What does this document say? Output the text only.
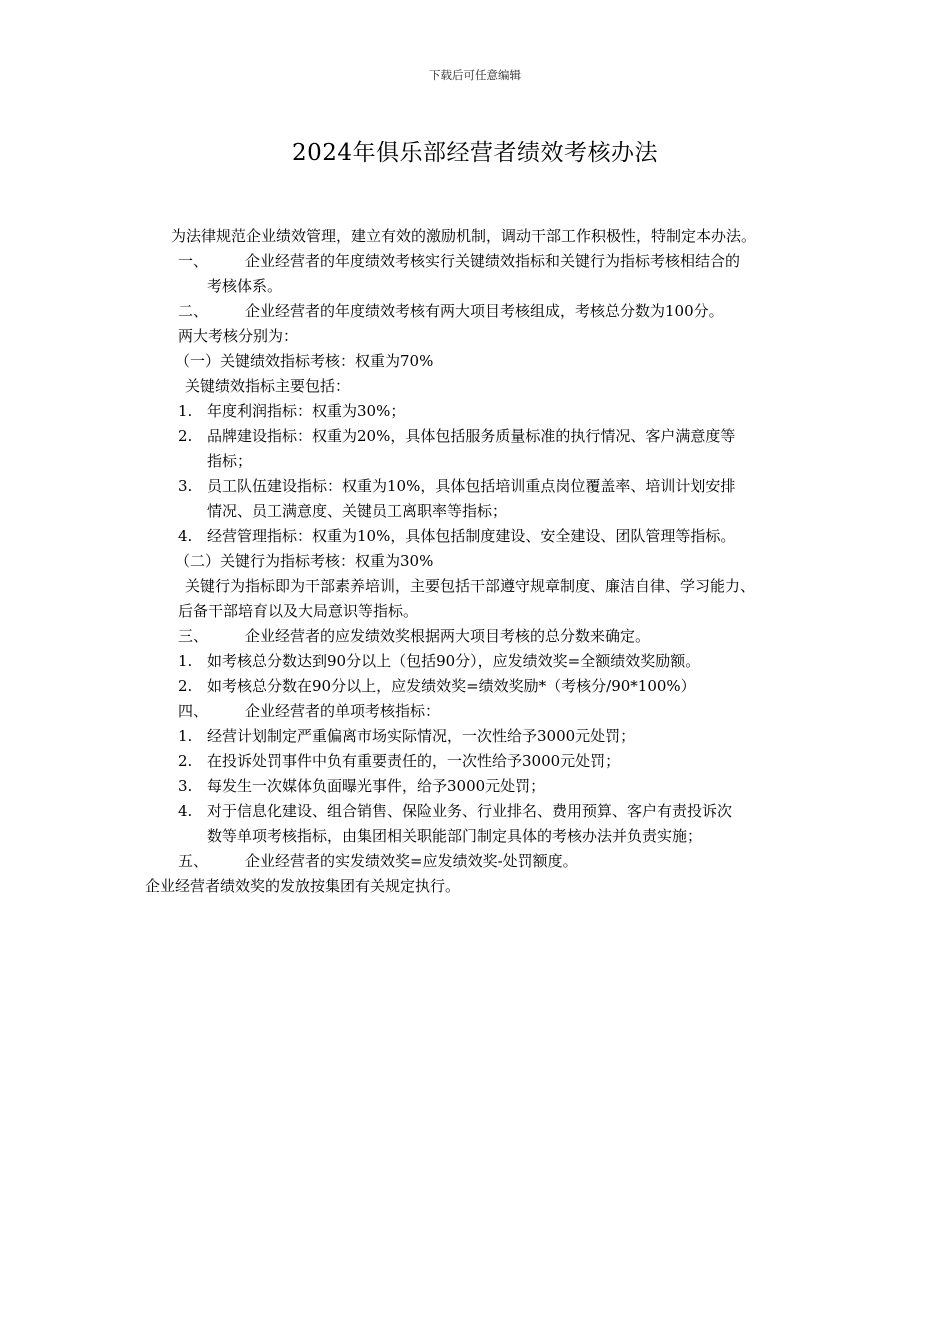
下载后可任意编辑
2024年俱乐部经营者绩效考核办法
为法律规范企业绩效管理，建立有效的激励机制，调动干部工作积极性，特制定本办法。
一、 企业经营者的年度绩效考核实行关键绩效指标和关键行为指标考核相结合的
考核体系。
二、 企业经营者的年度绩效考核有两大项目考核组成，考核总分数为100分。
两大考核分别为：
（一）关键绩效指标考核：权重为70%
关键绩效指标主要包括：
1. 年度利润指标：权重为30%；
2. 品牌建设指标：权重为20%，具体包括服务质量标准的执行情况、客户满意度等
指标；
3. 员工队伍建设指标：权重为10%，具体包括培训重点岗位覆盖率、培训计划安排
情况、员工满意度、关键员工离职率等指标；
4. 经营管理指标：权重为10%，具体包括制度建设、安全建设、团队管理等指标。
（二）关键行为指标考核：权重为30%
关键行为指标即为干部素养培训，主要包括干部遵守规章制度、廉洁自律、学习能力、
后备干部培育以及大局意识等指标。
三、 企业经营者的应发绩效奖根据两大项目考核的总分数来确定。
1. 如考核总分数达到90分以上（包括90分），应发绩效奖=全额绩效奖励额。
2. 如考核总分数在90分以上，应发绩效奖=绩效奖励*（考核分/90*100%）
四、 企业经营者的单项考核指标：
1. 经营计划制定严重偏离市场实际情况，一次性给予3000元处罚；
2. 在投诉处罚事件中负有重要责任的，一次性给予3000元处罚；
3. 每发生一次媒体负面曝光事件，给予3000元处罚；
4. 对于信息化建设、组合销售、保险业务、行业排名、费用预算、客户有责投诉次
数等单项考核指标，由集团相关职能部门制定具体的考核办法并负责实施；
五、 企业经营者的实发绩效奖=应发绩效奖-处罚额度。
企业经营者绩效奖的发放按集团有关规定执行。
